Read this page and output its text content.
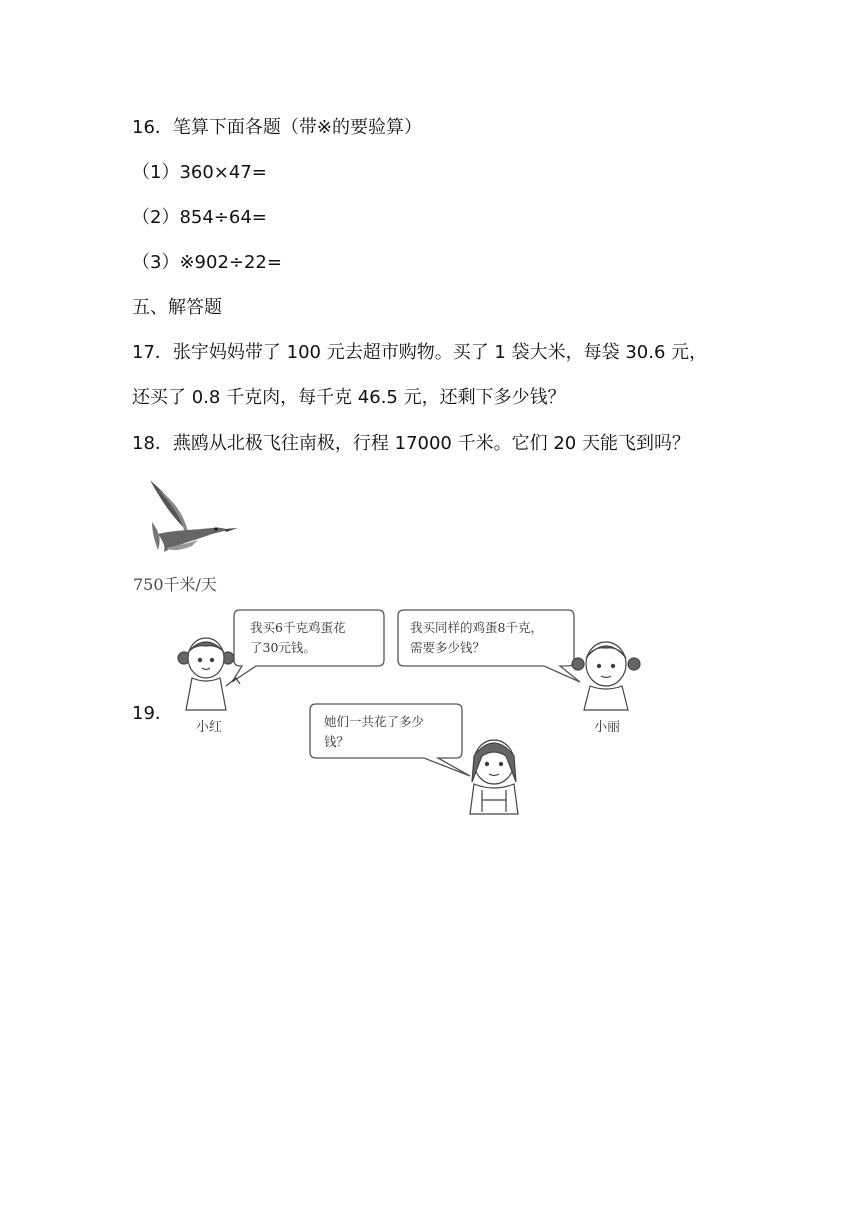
16．笔算下面各题（带※的要验算）
（1）360×47=
（2）854÷64=
（3）※902÷22=
五、解答题
17．张宇妈妈带了 100 元去超市购物。买了 1 袋大米，每袋 30.6 元，
还买了 0.8 千克肉，每千克 46.5 元，还剩下多少钱？
18．燕鸥从北极飞往南极，行程 17000 千米。它们 20 天能飞到吗？
750千米/天
19．
我买6千克鸡蛋花
了30元钱。
我买同样的鸡蛋8千克，
需要多少钱？
她们一共花了多少
钱？
小红	小丽
